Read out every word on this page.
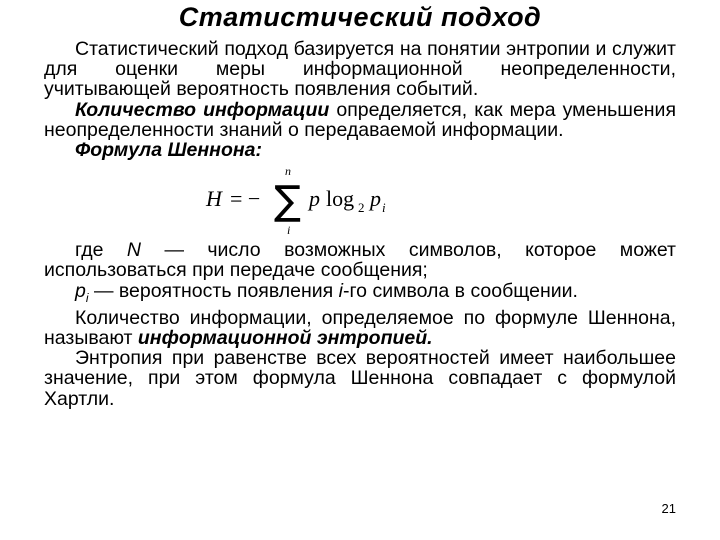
Статистический подход

Статистический подход базируется на понятии энтропии и служит для оценки меры информационной неопределенности, учитывающей вероятность появления событий.

Количество информации определяется, как мера уменьшения неопределенности знаний о передаваемой информации.

Формула Шеннона:

H = −
n
∑
i
p log 2 p i

где N — число возможных символов, которое может использоваться при передаче сообщения;

$p_i$ — вероятность появления i-го символа в сообщении.

Количество информации, определяемое по формуле Шеннона, называют информационной энтропией.

Энтропия при равенстве всех вероятностей имеет наибольшее значение, при этом формула Шеннона совпадает с формулой Хартли.

21
